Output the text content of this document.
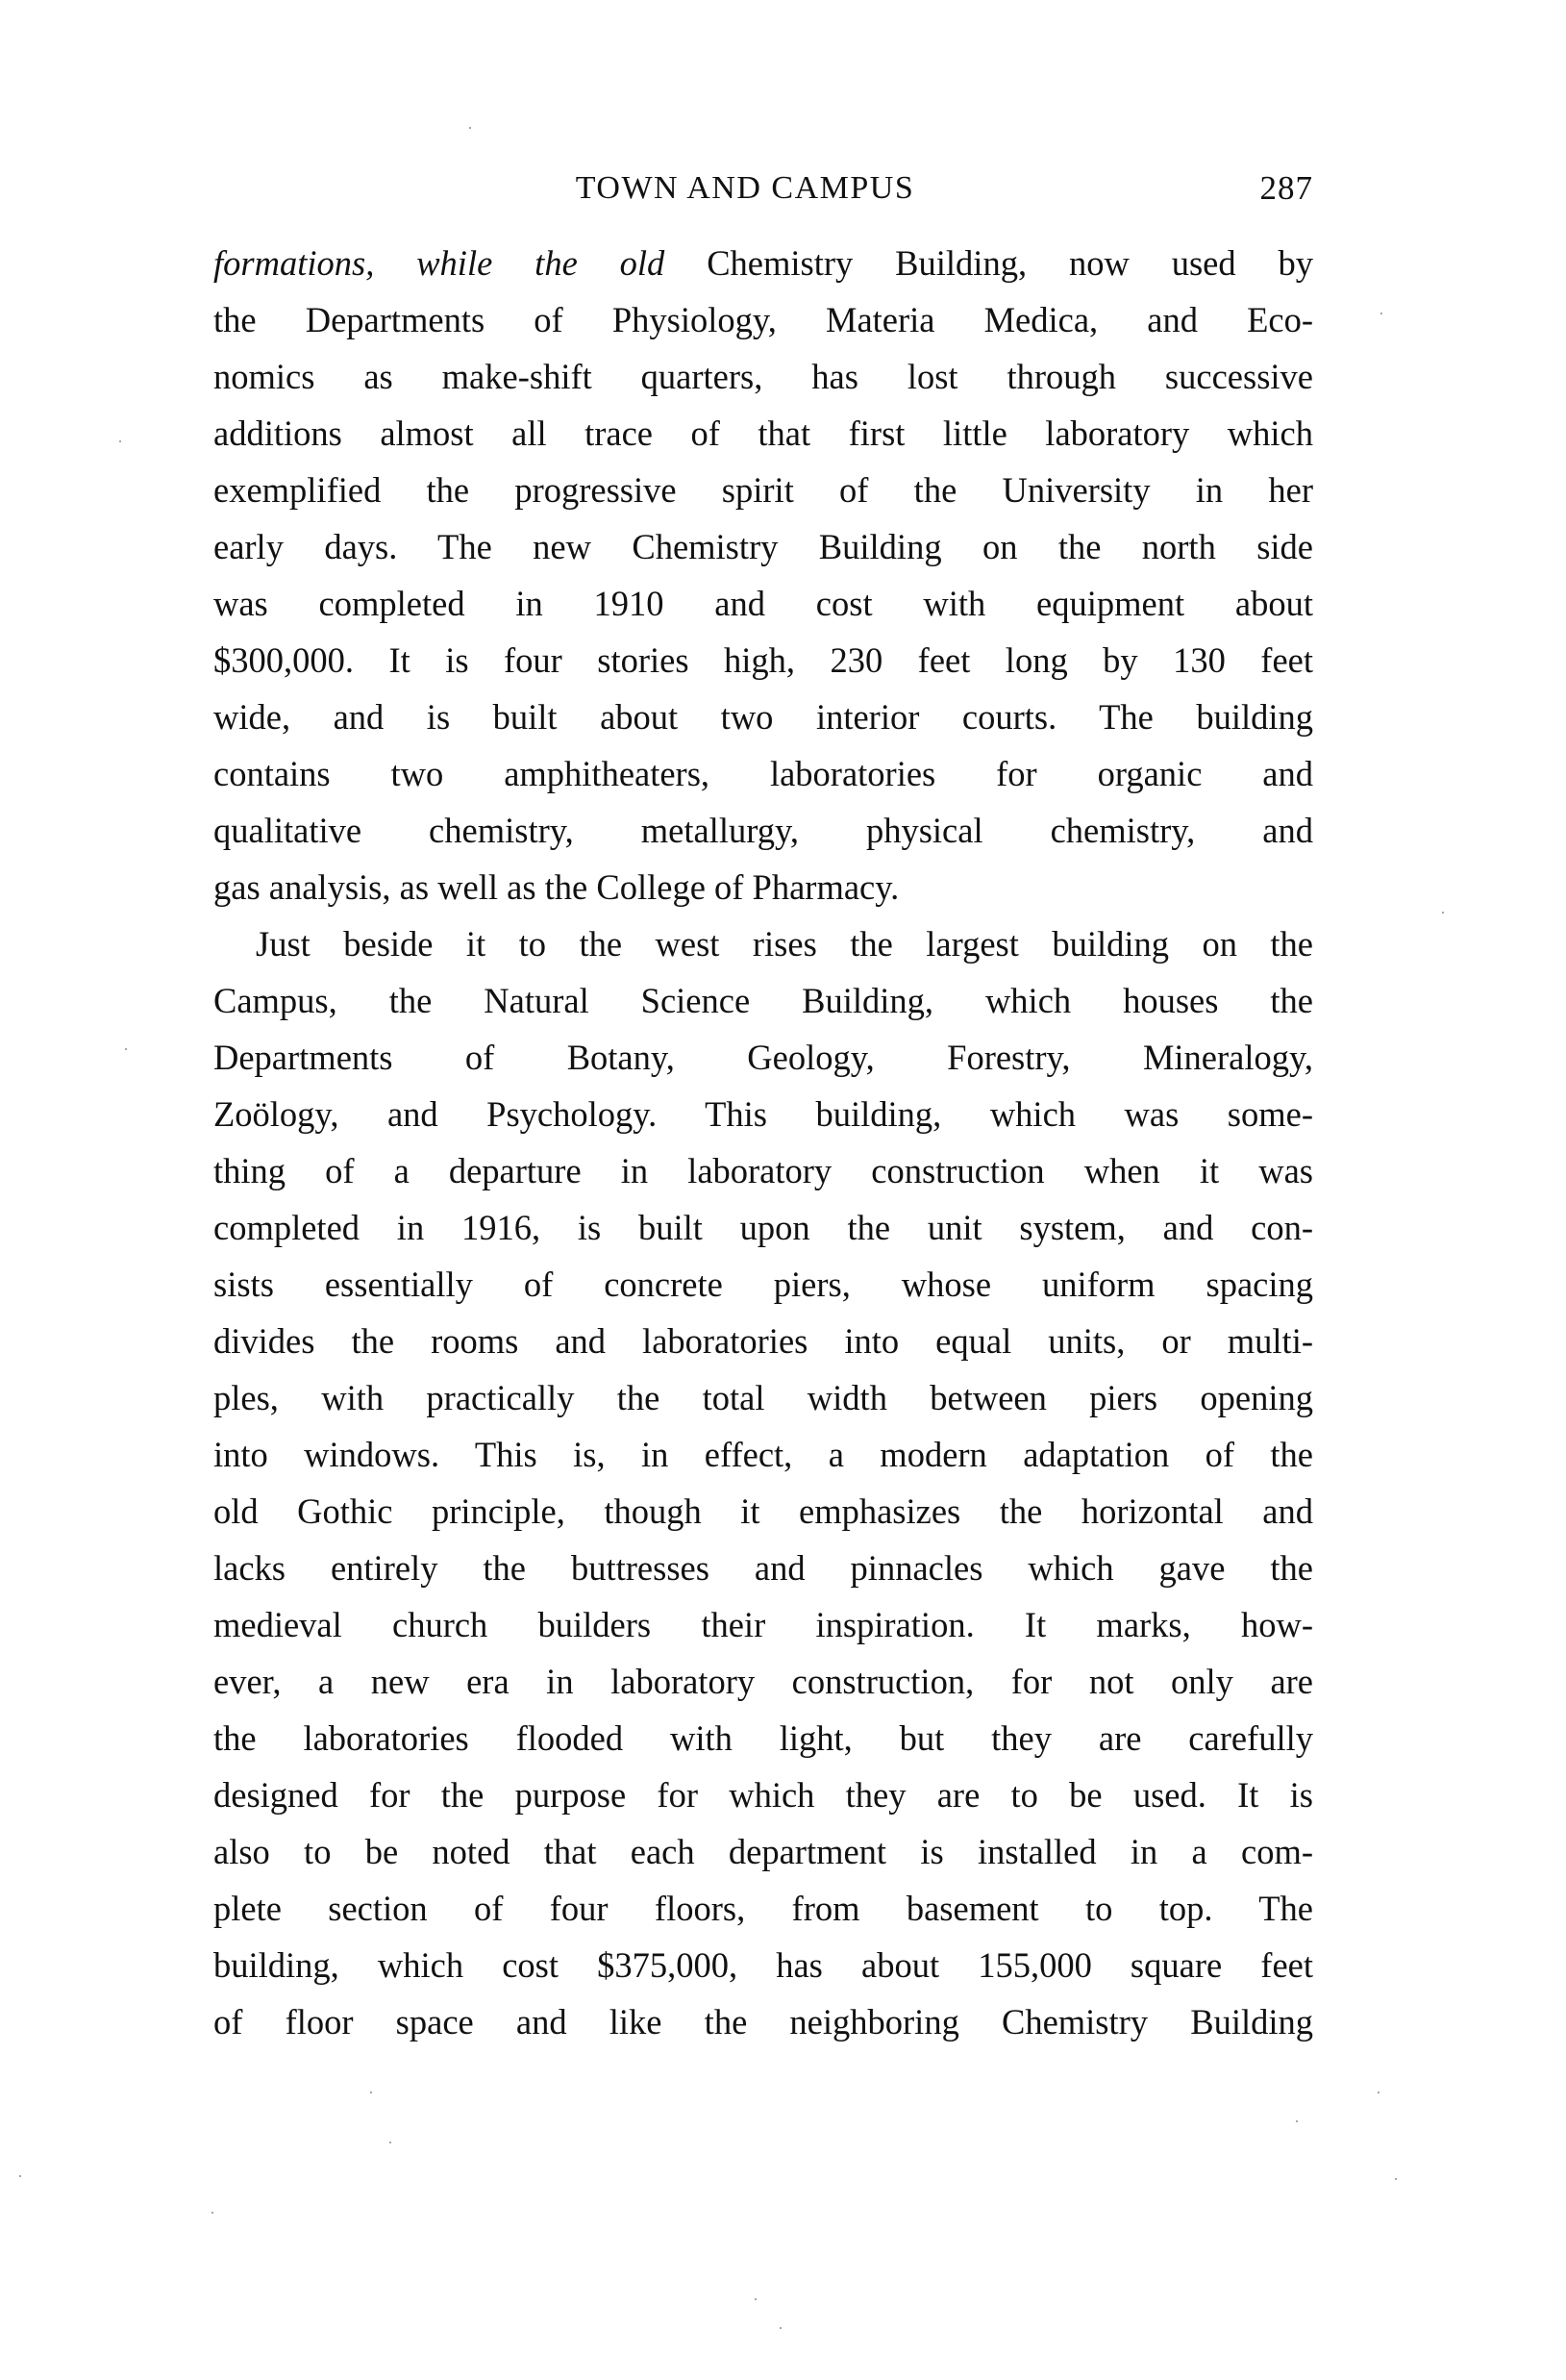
TOWN AND CAMPUS	287
formations, while the old Chemistry Building, now used by
the Departments of Physiology, Materia Medica, and Eco-
nomics as make-shift quarters, has lost through successive
additions almost all trace of that first little laboratory which
exemplified the progressive spirit of the University in her
early days. The new Chemistry Building on the north side
was completed in 1910 and cost with equipment about
$300,000. It is four stories high, 230 feet long by 130 feet
wide, and is built about two interior courts. The building
contains two amphitheaters, laboratories for organic and
qualitative chemistry, metallurgy, physical chemistry, and
gas analysis, as well as the College of Pharmacy.
Just beside it to the west rises the largest building on the
Campus, the Natural Science Building, which houses the
Departments of Botany, Geology, Forestry, Mineralogy,
Zoölogy, and Psychology. This building, which was some-
thing of a departure in laboratory construction when it was
completed in 1916, is built upon the unit system, and con-
sists essentially of concrete piers, whose uniform spacing
divides the rooms and laboratories into equal units, or multi-
ples, with practically the total width between piers opening
into windows. This is, in effect, a modern adaptation of the
old Gothic principle, though it emphasizes the horizontal and
lacks entirely the buttresses and pinnacles which gave the
medieval church builders their inspiration. It marks, how-
ever, a new era in laboratory construction, for not only are
the laboratories flooded with light, but they are carefully
designed for the purpose for which they are to be used. It is
also to be noted that each department is installed in a com-
plete section of four floors, from basement to top. The
building, which cost $375,000, has about 155,000 square feet
of floor space and like the neighboring Chemistry Building
